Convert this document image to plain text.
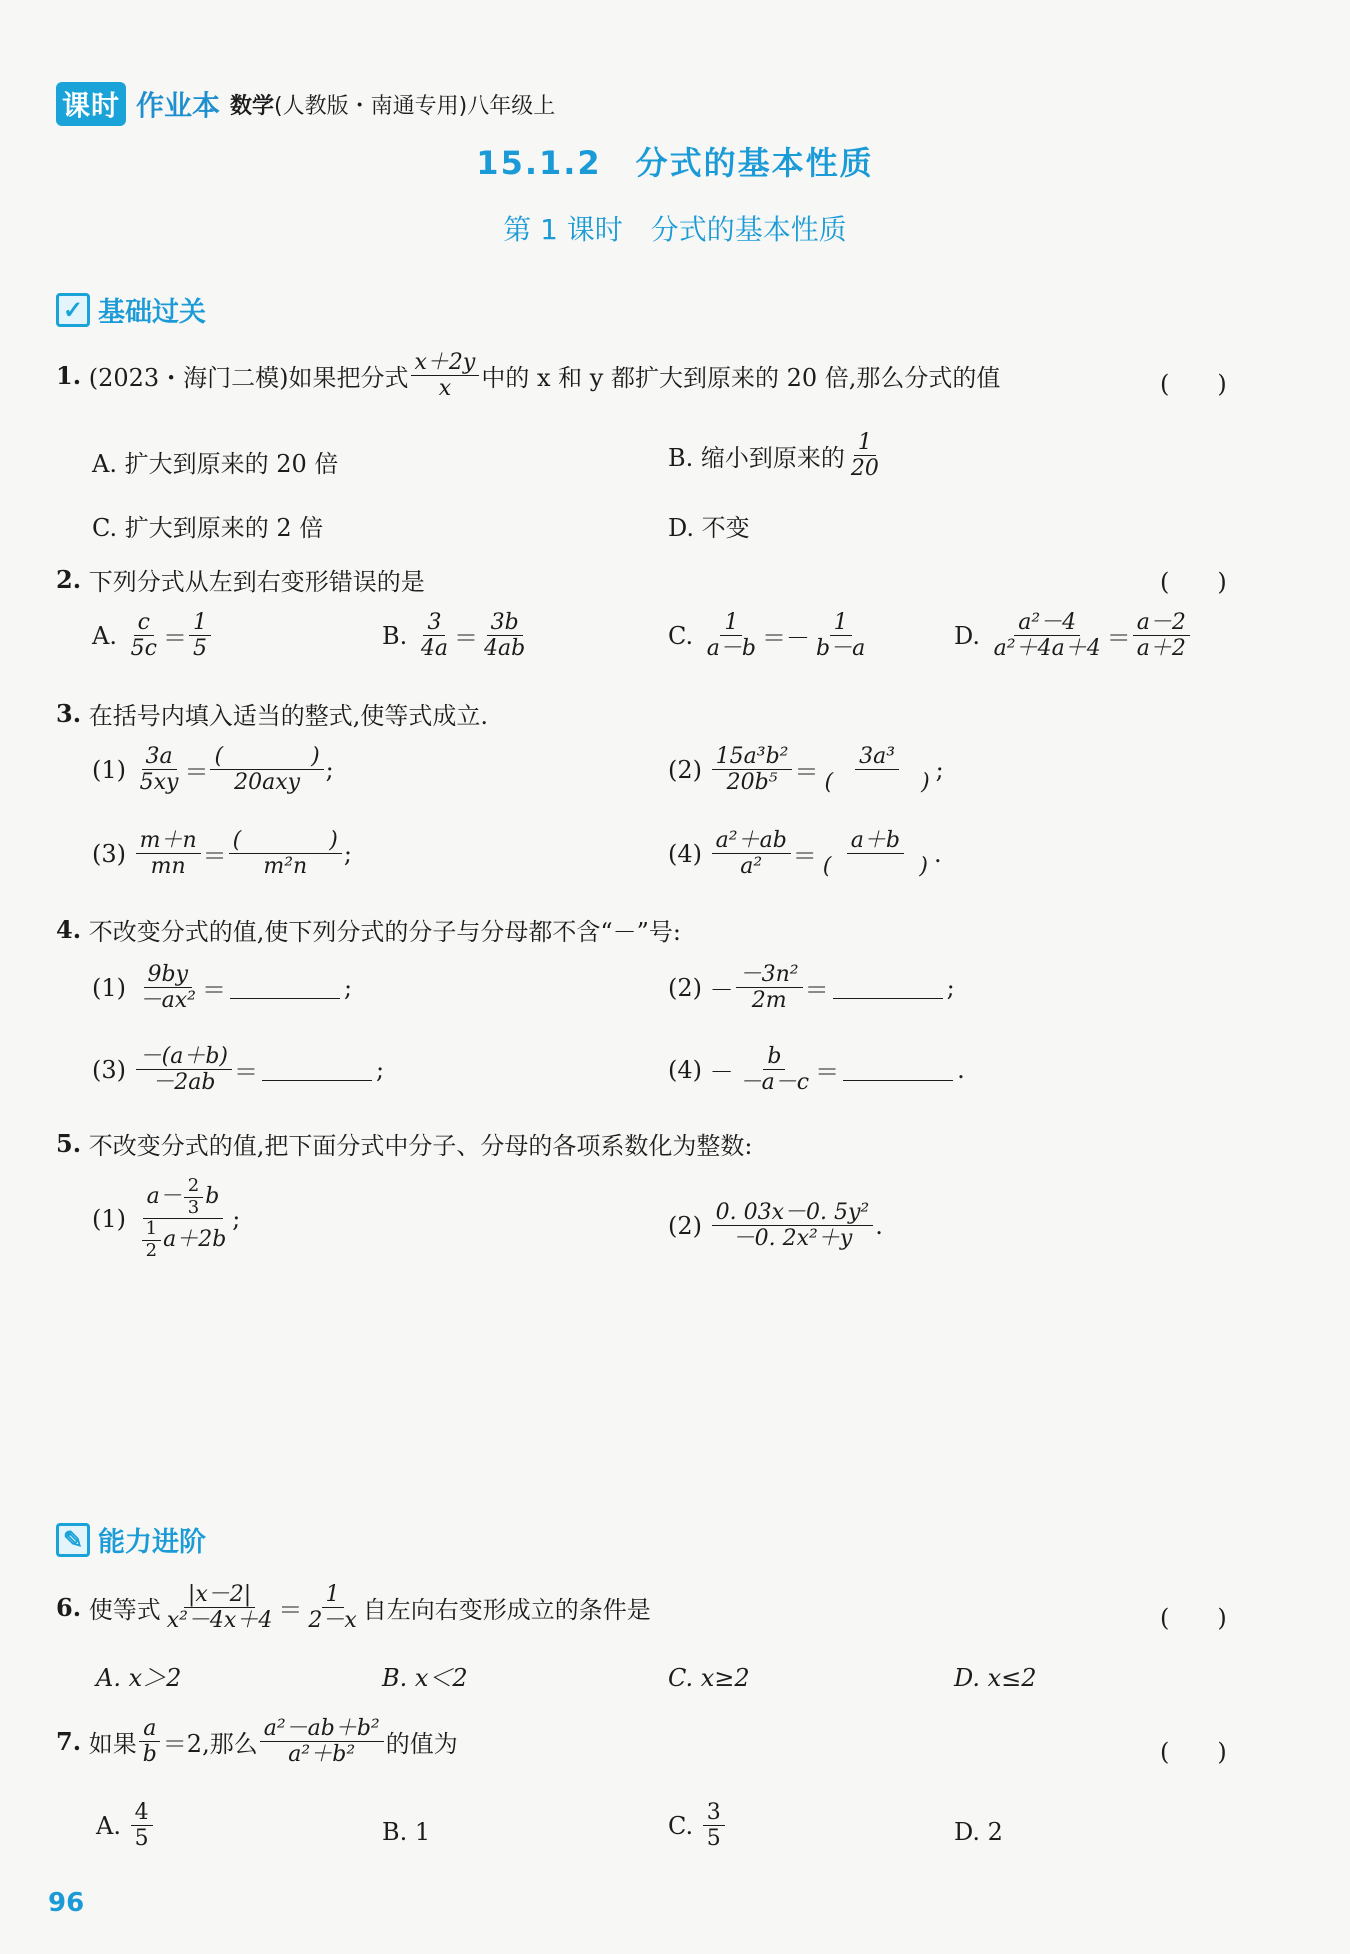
课时 作业本 数学(人教版・南通专用)八年级上
15.1.2　分式的基本性质
第 1 课时　分式的基本性质
✓ 基础过关
1.
(2023・海门二模)如果把分式 $\frac{x+2y}{x}$ 中的 x 和 y 都扩大到原来的 20 倍,那么分式的值	(　　)
A. 扩大到原来的 20 倍	B. 缩小到原来的 $\frac{1}{20}$
C. 扩大到原来的 2 倍	D. 不变
2.
下列分式从左到右变形错误的是	(　　)
A.
$\frac{c}{5c} = \frac{1}{5}$	B.
$\frac{3}{4a} = \frac{3b}{4ab}$	C.
$\frac{1}{a-b} =- \frac{1}{b-a}$	D.
$\frac{\text{a²－4}}{\text{a²＋4a＋4}} = \frac{a-2}{a+2}$
3.
在括号内填入适当的整式,使等式成立.
(1)
$\frac{3a}{5xy} = \frac{( )}{\text{20axy}}$ ;	(2)
$\frac{\text{15a³b²}}{\text{20b⁵}} = \frac{\text{3a³}}{( )}$ ;
(3)
$\frac{m+n}{mn} = \frac{( )}{\text{m²n}}$ ;	(4)
$\frac{\text{a²＋ab}}{\text{a²}} = \frac{a+b}{( )}$ .
4.
不改变分式的值,使下列分式的分子与分母都不含“－”号:
(1)
$\frac{9by}{\text{－ax²}}$ ＝	;	(2)
－ $\frac{\text{－3n²}}{2m}$ ＝	;
(3)
$\frac{-(a+b)}{-2ab}$ ＝	;	(4)
－ $\frac{b}{-a-c}$ ＝	.
5.
不改变分式的值,把下面分式中分子、分母的各项系数化为整数:
(1)
$\frac{a- \frac{2}{3} b}{\frac{1}{2} a+2b}$ ;	(2)
$\frac{\text{0. 03x－0. 5y²}}{\text{－0. 2x²＋y}}$ .
✎ 能力进阶
6.
使等式 $\frac{|x-2|}{\text{x²－4x＋4}} = \frac{1}{2-x}$ 自左向右变形成立的条件是	(　　)
A. x＞2	B. x＜2	C. x≥2	D. x≤2
7.
如果 $\frac{a}{b} =2$,那么 $\frac{\text{a²－ab＋b²}}{\text{a²＋b²}}$ 的值为	(　　)
A.
$\frac{4}{5}$	B. 1	C.
$\frac{3}{5}$	D. 2
96
